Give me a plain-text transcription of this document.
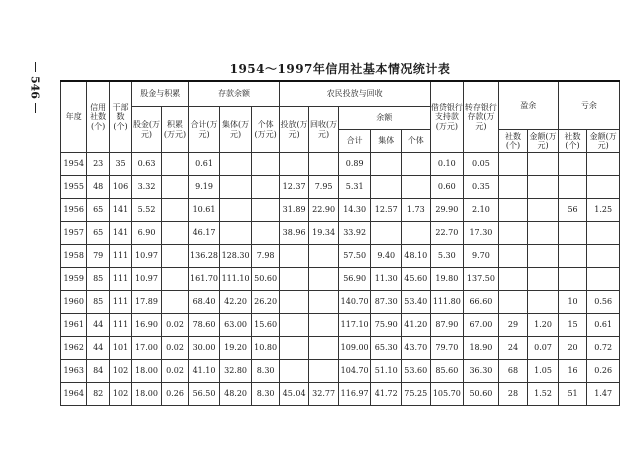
546
1954～1997年信用社基本情况统计表
年度	信用社数(个)	干部数(个)	股金与积累		存款余额			农民投放与回收					借贷银行支持款(万元)	转存银行存款(万元)	盈余		亏余	
			股金(万元)	积累(万元)	合计(万元)	集体(万元)	个体(万元)	投放(万元)	回收(万元)	余额								
										合计	集体	个体			社数(个)	金额(万元)	社数(个)	金额(万元)
1954	23	35	0.63		0.61					0.89			0.10	0.05				
1955	48	106	3.32		9.19			12.37	7.95	5.31			0.60	0.35				
1956	65	141	5.52		10.61			31.89	22.90	14.30	12.57	1.73	29.90	2.10			56	1.25
1957	65	141	6.90		46.17			38.96	19.34	33.92			22.70	17.30				
1958	79	111	10.97		136.28	128.30	7.98			57.50	9.40	48.10	5.30	9.70				
1959	85	111	10.97		161.70	111.10	50.60			56.90	11.30	45.60	19.80	137.50				
1960	85	111	17.89		68.40	42.20	26.20			140.70	87.30	53.40	111.80	66.60			10	0.56
1961	44	111	16.90	0.02	78.60	63.00	15.60			117.10	75.90	41.20	87.90	67.00	29	1.20	15	0.61
1962	44	101	17.00	0.02	30.00	19.20	10.80			109.00	65.30	43.70	79.70	18.90	24	0.07	20	0.72
1963	84	102	18.00	0.02	41.10	32.80	8.30			104.70	51.10	53.60	85.60	36.30	68	1.05	16	0.26
1964	82	102	18.00	0.26	56.50	48.20	8.30	45.04	32.77	116.97	41.72	75.25	105.70	50.60	28	1.52	51	1.47
